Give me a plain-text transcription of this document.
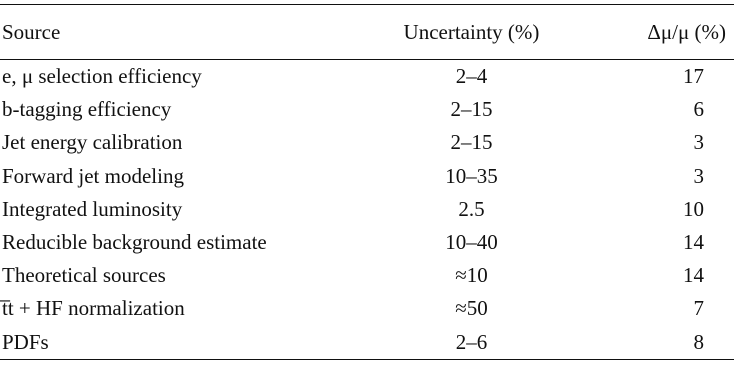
Source	Uncertainty (%)	Δμ/μ (%)
e, μ selection efficiency	2–4	17
b-tagging efficiency	2–15	6
Jet energy calibration	2–15	3
Forward jet modeling	10–35	3
Integrated luminosity	2.5	10
Reducible background estimate	10–40	14
Theoretical sources	≈10	14
t̅t + HF normalization	≈50	7
PDFs	2–6	8
